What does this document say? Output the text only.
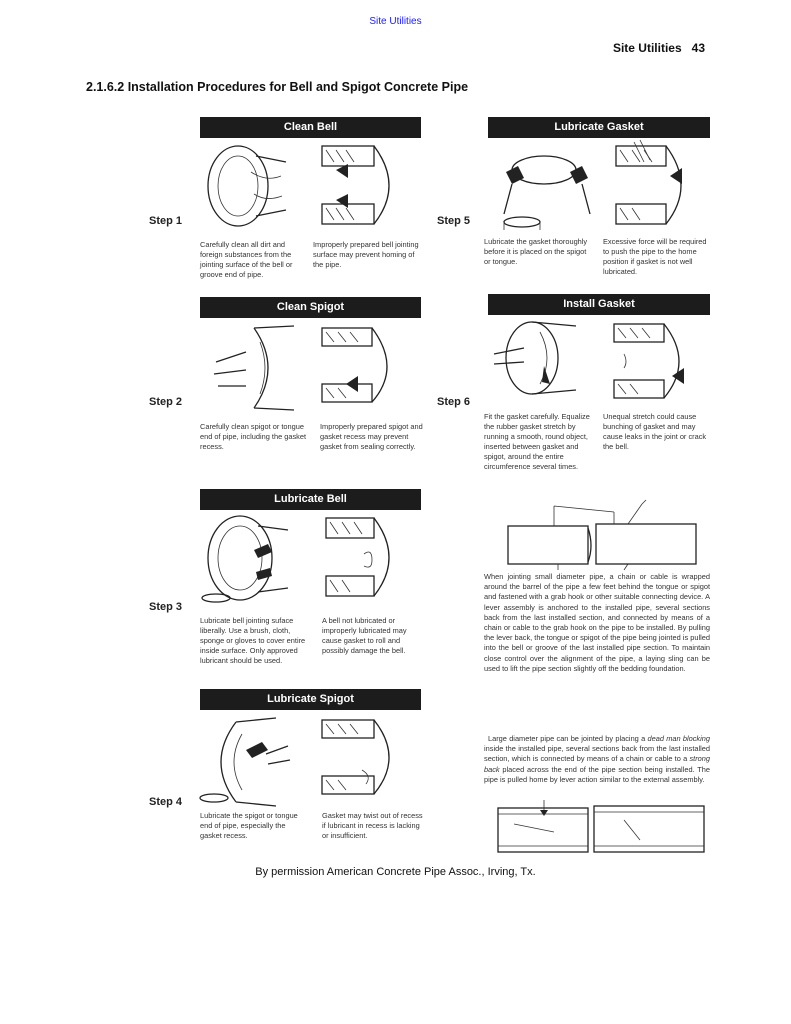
Site Utilities
Site Utilities 43
2.1.6.2 Installation Procedures for Bell and Spigot Concrete Pipe
Clean Bell
Step 1
Carefully clean all dirt and foreign substances from the jointing surface of the bell or groove end of pipe.
Improperly prepared bell jointing surface may prevent homing of the pipe.
Clean Spigot
Step 2
Carefully clean spigot or tongue end of pipe, including the gasket recess.
Improperly prepared spigot and gasket recess may prevent gasket from sealing correctly.
Lubricate Bell
Step 3
Lubricate bell jointing suface liberally. Use a brush, cloth, sponge or gloves to cover entire inside surface. Only approved lubricant should be used.
A bell not lubricated or improperly lubricated may cause gasket to roll and possibly damage the bell.
Lubricate Spigot
Step 4
Lubricate the spigot or tongue end of pipe, especially the gasket recess.
Gasket may twist out of recess if lubricant in recess is lacking or insufficient.
Lubricate Gasket
Step 5
Lubricate the gasket thoroughly before it is placed on the spigot or tongue.
Excessive force will be required to push the pipe to the home position if gasket is not well lubricated.
Install Gasket
Step 6
Fit the gasket carefully. Equalize the rubber gasket stretch by running a smooth, round object, inserted between gasket and spigot, around the entire circumference several times.
Unequal stretch could cause bunching of gasket and may cause leaks in the joint or crack the bell.
When jointing small diameter pipe, a chain or cable is wrapped around the barrel of the pipe a few feet behind the tongue or spigot and fastened with a grab hook or other suitable connecting device. A lever assembly is anchored to the installed pipe, several sections back from the last installed section, and connected by means of a chain or cable to the grab hook on the pipe to be installed. By pulling the lever back, the tongue or spigot of the pipe being jointed is pulled into the bell or groove of the last installed pipe section. To maintain close control over the alignment of the pipe, a laying sling can be used to lift the pipe section slightly off the bedding foundation.
Large diameter pipe can be jointed by placing a dead man blocking inside the installed pipe, several sections back from the last installed section, which is connected by means of a chain or cable to a strong back placed across the end of the pipe section being installed. The pipe is pulled home by lever action similar to the external assembly.
By permission American Concrete Pipe Assoc., Irving, Tx.
